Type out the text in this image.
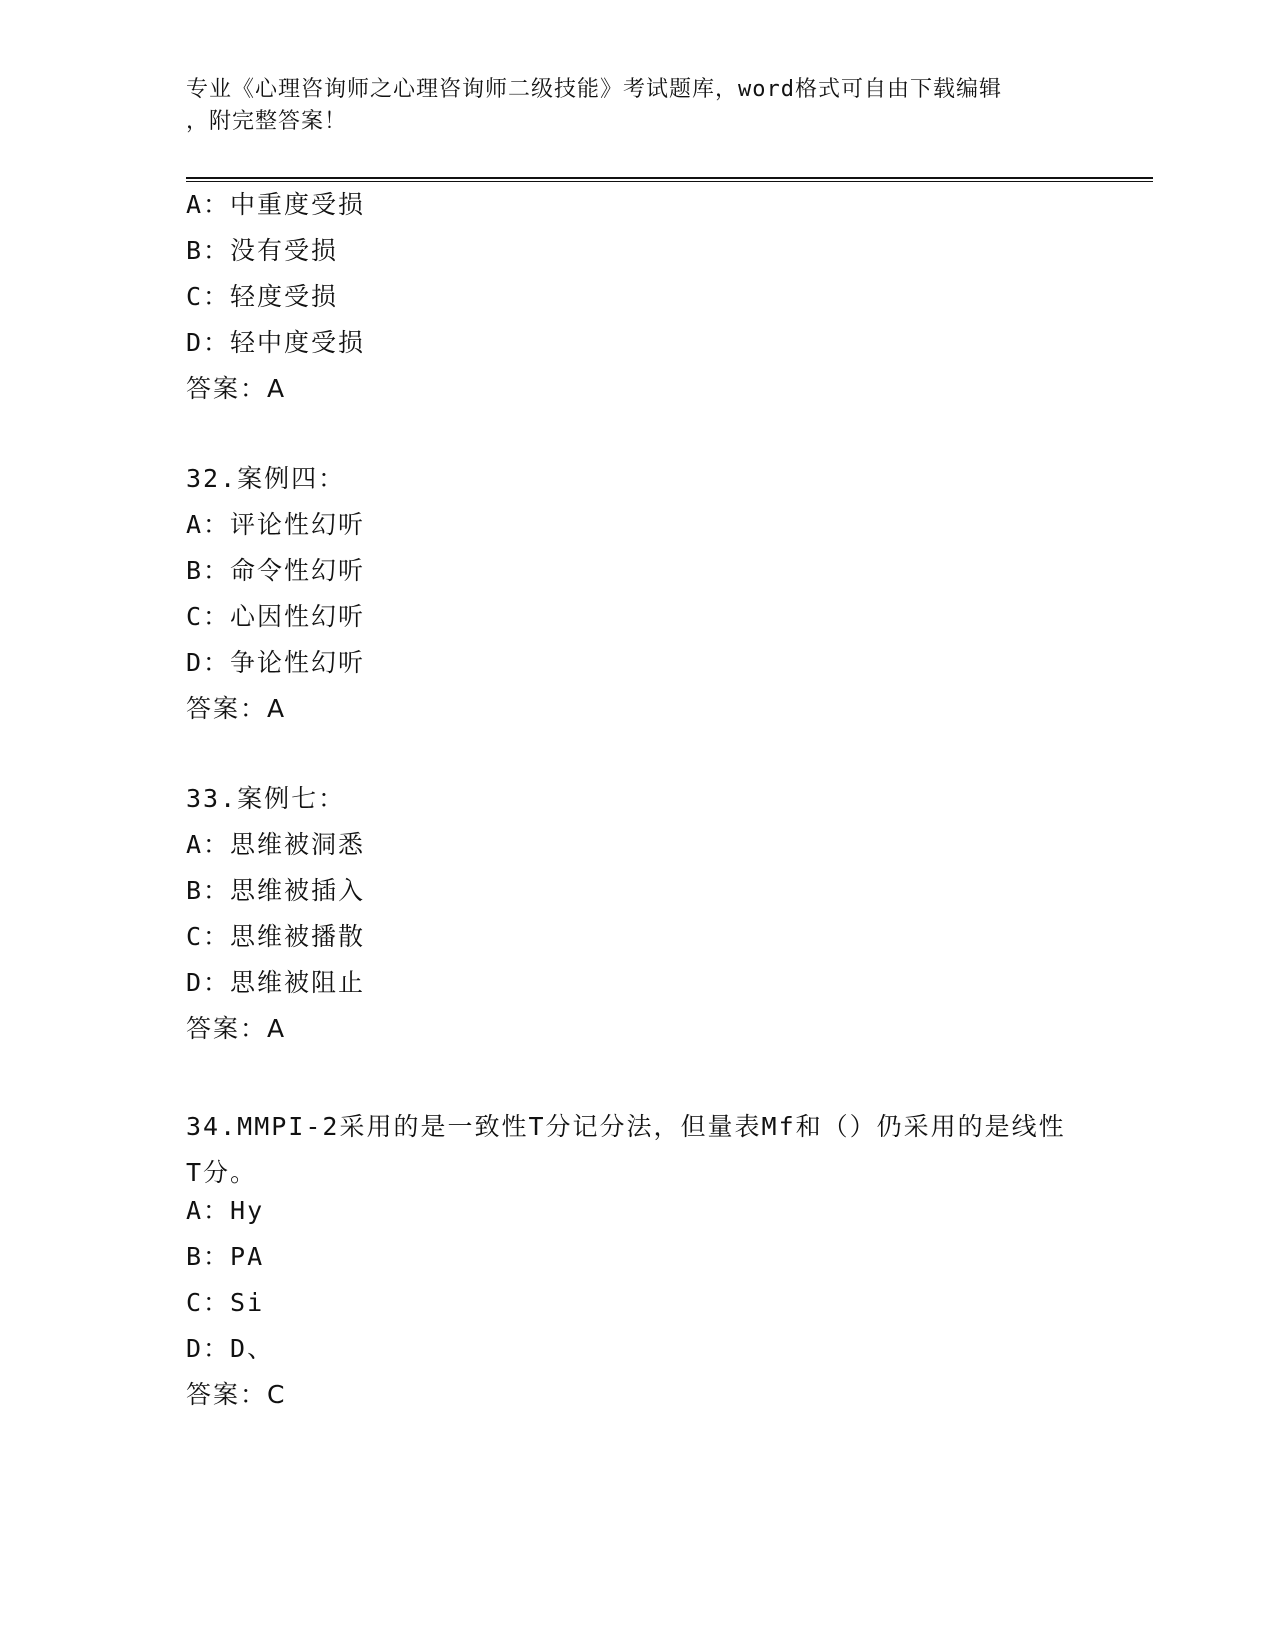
专业《心理咨询师之心理咨询师二级技能》考试题库，word格式可自由下载编辑
，附完整答案！
A：中重度受损
B：没有受损
C：轻度受损
D：轻中度受损
答案：A
32.案例四：
A：评论性幻听
B：命令性幻听
C：心因性幻听
D：争论性幻听
答案：A
33.案例七：
A：思维被洞悉
B：思维被插入
C：思维被播散
D：思维被阻止
答案：A
34.MMPI-2采用的是一致性T分记分法，但量表Mf和（）仍采用的是线性T分。
A：Hy
B：PA
C：Si
D：D、
答案：C
